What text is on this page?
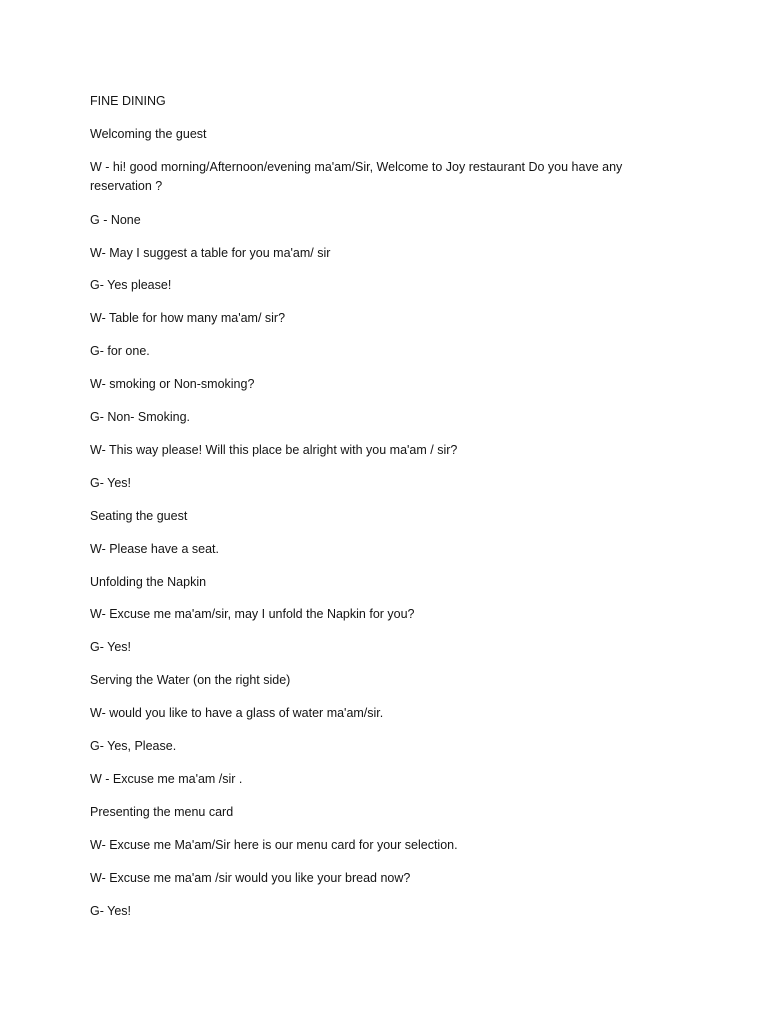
FINE DINING

Welcoming the guest

W - hi! good morning/Afternoon/evening ma'am/Sir, Welcome to Joy restaurant Do you have any reservation ?

G - None

W- May I suggest a table for you ma'am/ sir

G- Yes please!

W- Table for how many ma'am/ sir?

G- for one.

W- smoking or Non-smoking?

G- Non- Smoking.

W- This way please! Will this place be alright with you ma'am / sir?

G- Yes!

Seating the guest

W- Please have a seat.

Unfolding the Napkin

W- Excuse me ma'am/sir, may I unfold the Napkin for you?

G- Yes!

Serving the Water (on the right side)

W- would you like to have a glass of water ma'am/sir.

G- Yes, Please.

W - Excuse me ma'am /sir .

Presenting the menu card

W- Excuse me Ma'am/Sir here is our menu card for your selection.

W- Excuse me ma'am /sir would you like your bread now?

G- Yes!
